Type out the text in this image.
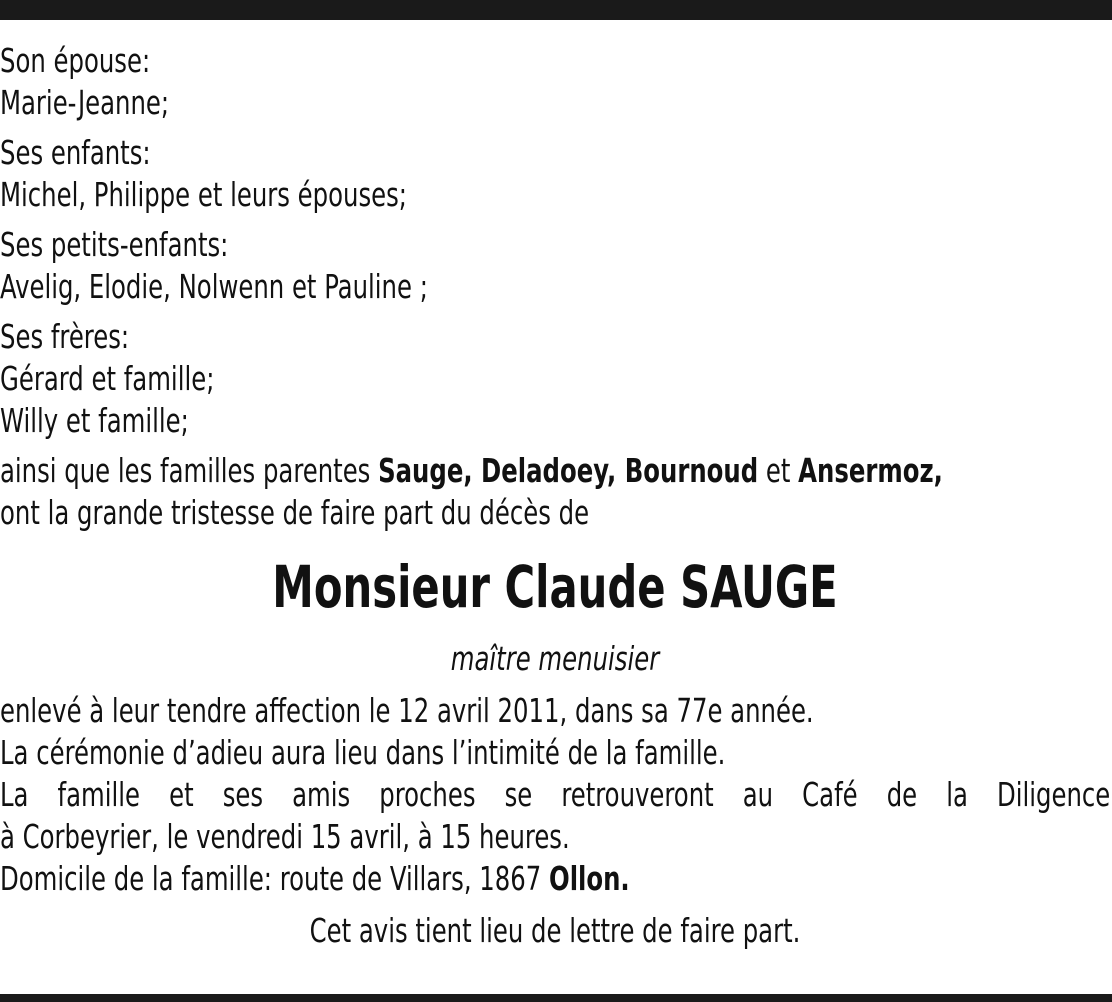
Son épouse:
Marie-Jeanne;
Ses enfants:
Michel, Philippe et leurs épouses;
Ses petits-enfants:
Avelig, Elodie, Nolwenn et Pauline ;
Ses frères:
Gérard et famille;
Willy et famille;
ainsi que les familles parentes Sauge, Deladoey, Bournoud et Ansermoz,
ont la grande tristesse de faire part du décès de
Monsieur Claude SAUGE
maître menuisier
enlevé à leur tendre affection le 12 avril 2011, dans sa 77e année.
La cérémonie d’adieu aura lieu dans l’intimité de la famille.
La famille et ses amis proches se retrouveront au Café de la Diligence
à Corbeyrier, le vendredi 15 avril, à 15 heures.
Domicile de la famille: route de Villars, 1867 Ollon.
Cet avis tient lieu de lettre de faire part.
